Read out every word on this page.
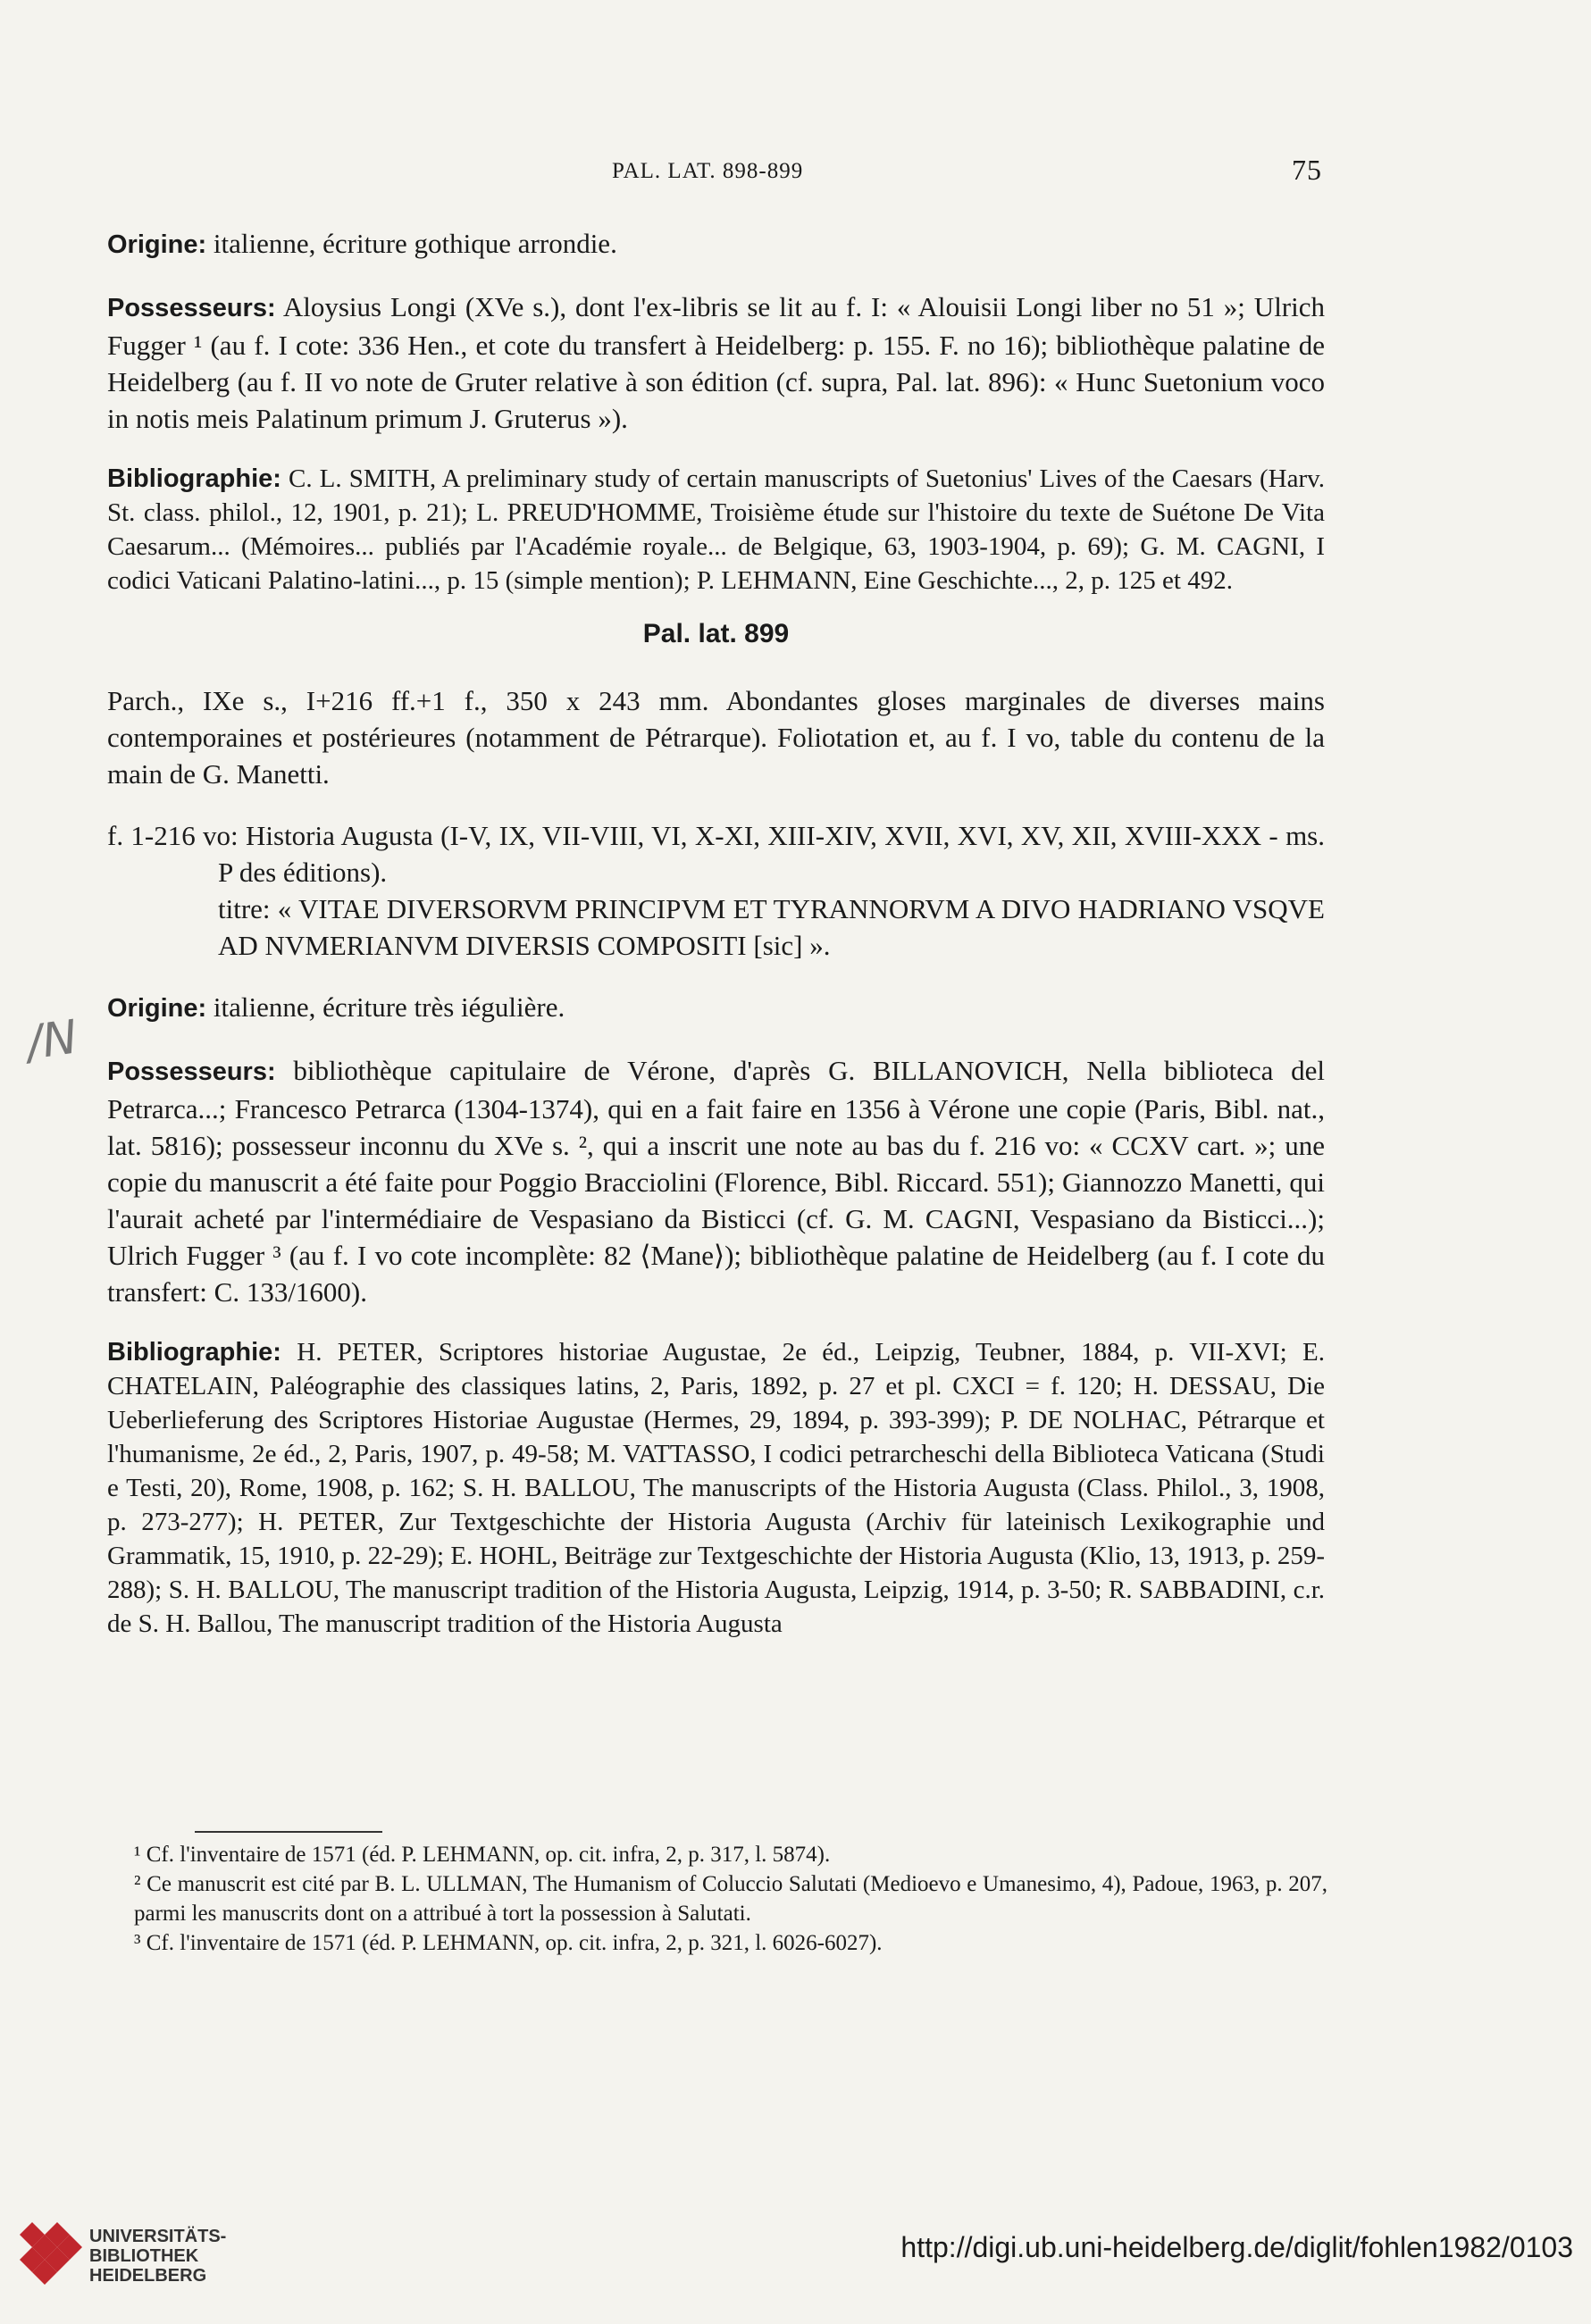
PAL. LAT. 898-899	75

Origine: italienne, écriture gothique arrondie.

Possesseurs: Aloysius Longi (XVe s.), dont l'ex-libris se lit au f. I: « Alouisii Longi liber no 51 »; Ulrich Fugger ¹ (au f. I cote: 336 Hen., et cote du transfert à Heidelberg: p. 155. F. no 16); bibliothèque palatine de Heidelberg (au f. II vo note de Gruter relative à son édition (cf. supra, Pal. lat. 896): « Hunc Suetonium voco in notis meis Palatinum primum J. Gruterus »).

Bibliographie: C. L. SMITH, A preliminary study of certain manuscripts of Suetonius' Lives of the Caesars (Harv. St. class. philol., 12, 1901, p. 21); L. PREUD'HOMME, Troisième étude sur l'histoire du texte de Suétone De Vita Caesarum... (Mémoires... publiés par l'Académie royale... de Belgique, 63, 1903-1904, p. 69); G. M. CAGNI, I codici Vaticani Palatino-latini..., p. 15 (simple mention); P. LEHMANN, Eine Geschichte..., 2, p. 125 et 492.

Pal. lat. 899

Parch., IXe s., I+216 ff.+1 f., 350 x 243 mm. Abondantes gloses marginales de diverses mains contemporaines et postérieures (notamment de Pétrarque). Foliotation et, au f. I vo, table du contenu de la main de G. Manetti.

f. 1-216 vo: Historia Augusta (I-V, IX, VII-VIII, VI, X-XI, XIII-XIV, XVII, XVI, XV, XII, XVIII-XXX - ms. P des éditions).

titre: « VITAE DIVERSORVM PRINCIPVM ET TYRANNORVM A DIVO HADRIANO VSQVE AD NVMERIANVM DIVERSIS COMPOSITI [sic] ».

Origine: italienne, écriture très iégulière.

Possesseurs: bibliothèque capitulaire de Vérone, d'après G. BILLANOVICH, Nella biblioteca del Petrarca...; Francesco Petrarca (1304-1374), qui en a fait faire en 1356 à Vérone une copie (Paris, Bibl. nat., lat. 5816); possesseur inconnu du XVe s. ², qui a inscrit une note au bas du f. 216 vo: « CCXV cart. »; une copie du manuscrit a été faite pour Poggio Bracciolini (Florence, Bibl. Riccard. 551); Giannozzo Manetti, qui l'aurait acheté par l'intermédiaire de Vespasiano da Bisticci (cf. G. M. CAGNI, Vespasiano da Bisticci...); Ulrich Fugger ³ (au f. I vo cote incomplète: 82 ⟨Mane⟩); bibliothèque palatine de Heidelberg (au f. I cote du transfert: C. 133/1600).

Bibliographie: H. PETER, Scriptores historiae Augustae, 2e éd., Leipzig, Teubner, 1884, p. VII-XVI; E. CHATELAIN, Paléographie des classiques latins, 2, Paris, 1892, p. 27 et pl. CXCI = f. 120; H. DESSAU, Die Ueberlieferung des Scriptores Historiae Augustae (Hermes, 29, 1894, p. 393-399); P. DE NOLHAC, Pétrarque et l'humanisme, 2e éd., 2, Paris, 1907, p. 49-58; M. VATTASSO, I codici petrarcheschi della Biblioteca Vaticana (Studi e Testi, 20), Rome, 1908, p. 162; S. H. BALLOU, The manuscripts of the Historia Augusta (Class. Philol., 3, 1908, p. 273-277); H. PETER, Zur Textgeschichte der Historia Augusta (Archiv für lateinisch Lexikographie und Grammatik, 15, 1910, p. 22-29); E. HOHL, Beiträge zur Textgeschichte der Historia Augusta (Klio, 13, 1913, p. 259-288); S. H. BALLOU, The manuscript tradition of the Historia Augusta, Leipzig, 1914, p. 3-50; R. SABBADINI, c.r. de S. H. Ballou, The manuscript tradition of the Historia Augusta

/N

¹ Cf. l'inventaire de 1571 (éd. P. LEHMANN, op. cit. infra, 2, p. 317, l. 5874).

² Ce manuscrit est cité par B. L. ULLMAN, The Humanism of Coluccio Salutati (Medioevo e Umanesimo, 4), Padoue, 1963, p. 207, parmi les manuscrits dont on a attribué à tort la possession à Salutati.

³ Cf. l'inventaire de 1571 (éd. P. LEHMANN, op. cit. infra, 2, p. 321, l. 6026-6027).

UNIVERSITÄTS-
BIBLIOTHEK
HEIDELBERG
http://digi.ub.uni-heidelberg.de/diglit/fohlen1982/0103
